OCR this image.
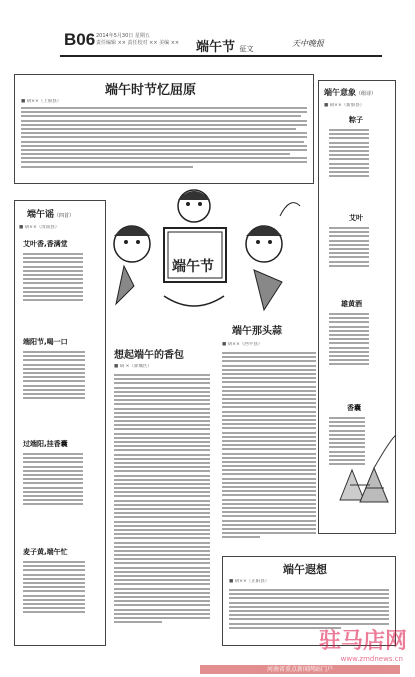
B06 2014年5月30日 星期五
责任编辑 ×× 责任校对 ×× 美编 ×× 端午节 征文
天中晚报
端午时节忆屈原
■ 胡××（上蔡县）
端午意象（组诗）
■ 胡××（新蔡县）
粽子
艾叶
雄黄酒
香囊
端午谣（四首）
■ 胡××（汝南县）
艾叶香,香满堂
端阳节,喝一口
过端阳,挂香囊
麦子黄,端午忙
端午节
想起端午的香包
■ 胡 ×（驿城区）
端午那头蒜
■ 胡××（西平县）
端午遐想
■ 胡××（正阳县）
驻马店网
www.zmdnews.cn
河南省重点新闻网站门户
